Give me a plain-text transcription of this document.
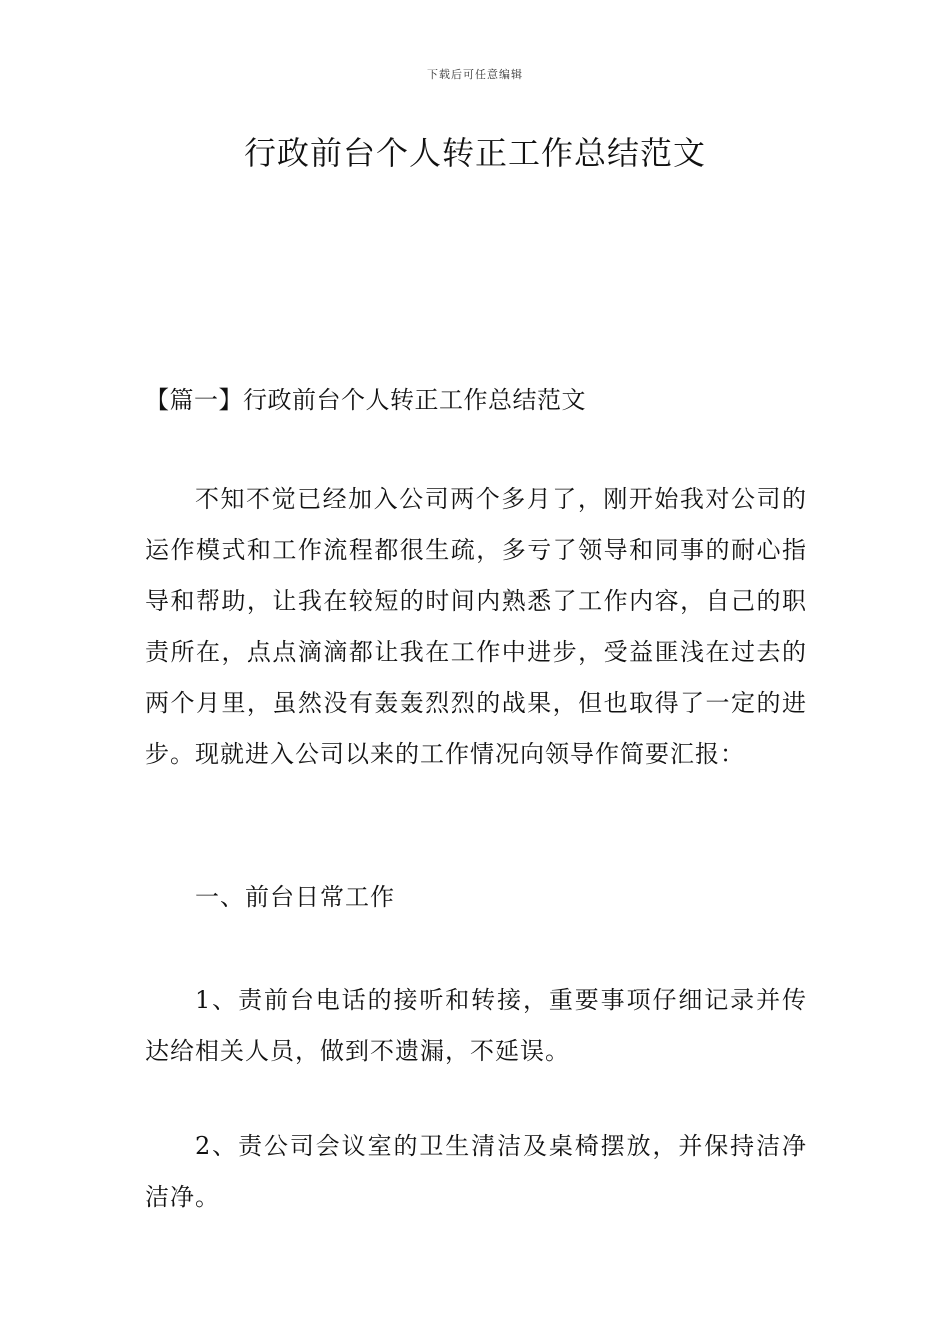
下载后可任意编辑
行政前台个人转正工作总结范文
【篇一】行政前台个人转正工作总结范文

不知不觉已经加入公司两个多月了，刚开始我对公司的运作模式和工作流程都很生疏，多亏了领导和同事的耐心指导和帮助，让我在较短的时间内熟悉了工作内容，自己的职责所在，点点滴滴都让我在工作中进步，受益匪浅在过去的两个月里，虽然没有轰轰烈烈的战果，但也取得了一定的进步。现就进入公司以来的工作情况向领导作简要汇报：

一、前台日常工作

1、责前台电话的接听和转接，重要事项仔细记录并传达给相关人员，做到不遗漏，不延误。

2、责公司会议室的卫生清洁及桌椅摆放，并保持洁净洁净。
